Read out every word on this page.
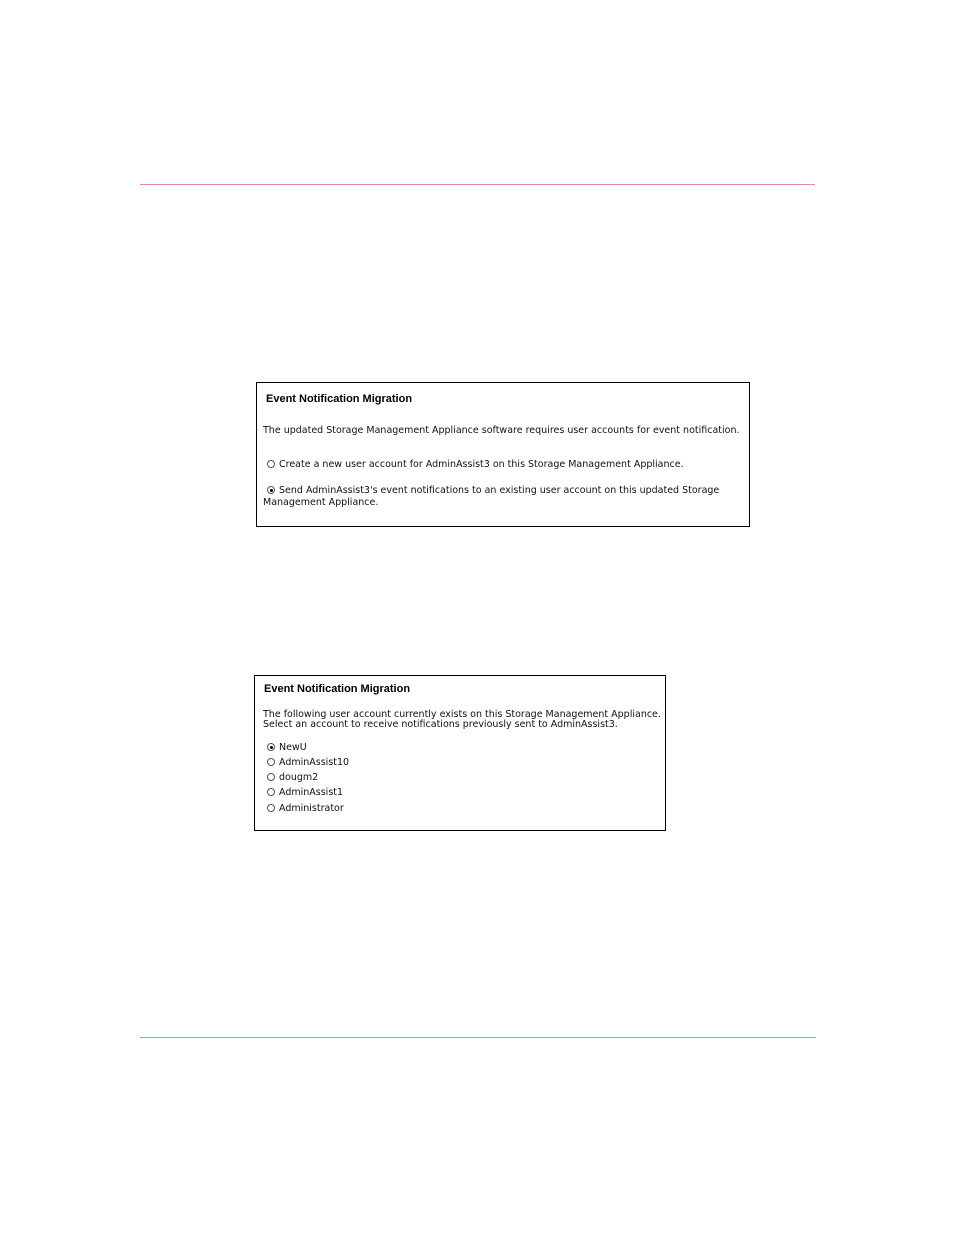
Event Notification Migration
The updated Storage Management Appliance software requires user accounts for event notification.
Create a new user account for AdminAssist3 on this Storage Management Appliance.
Send AdminAssist3's event notifications to an existing user account on this updated Storage
Management Appliance.
Event Notification Migration
The following user account currently exists on this Storage Management Appliance.
Select an account to receive notifications previously sent to AdminAssist3.
NewU
AdminAssist10
dougm2
AdminAssist1
Administrator
